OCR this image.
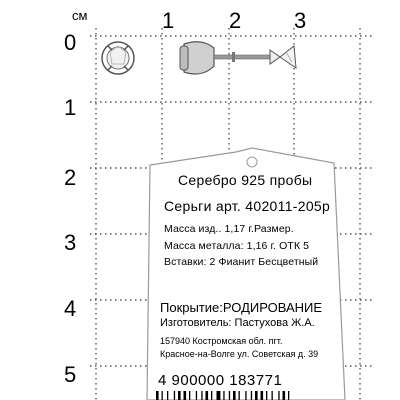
см	1 2 3
0
1
2
3
4
5
Серебро 925 пробы
Серьги арт. 402011-205р
Масса изд.. 1,17 г.Размер.
Масса металла: 1,16 г. ОТК 5
Вставки: 2 Фианит Бесцветный
Покрытие:РОДИРОВАНИЕ
Изготовитель: Пастухова Ж.А.
157940 Костромская обл. пгт.
Красное-на-Волге ул. Советская д. 39
4 900000 183771
